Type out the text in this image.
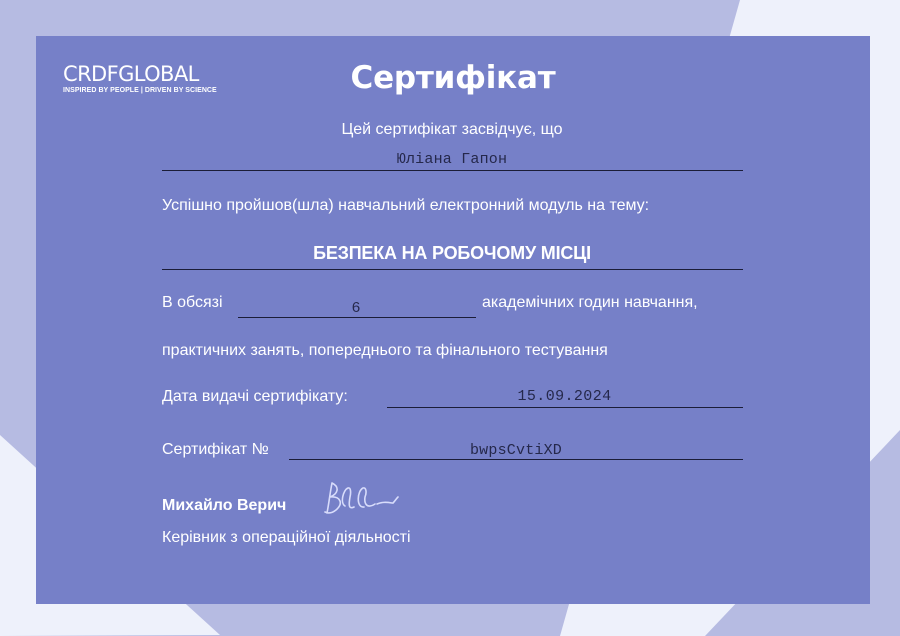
CRDFGLOBAL
INSPIRED BY PEOPLE | DRIVEN BY SCIENCE	Сертифікат
Цей сертифікат засвідчує, що
Юліана Гапон
Успішно пройшов(шла) навчальний електронний модуль на тему:
БЕЗПЕКА НА РОБОЧОМУ МІСЦІ
В обсязі	6	академічних годин навчання,
практичних занять, попереднього та фінального тестування
Дата видачі сертифікату:	15.09.2024
Сертифікат №	bwpsCvtiXD
Михайло Верич
Керівник з операційної діяльності
